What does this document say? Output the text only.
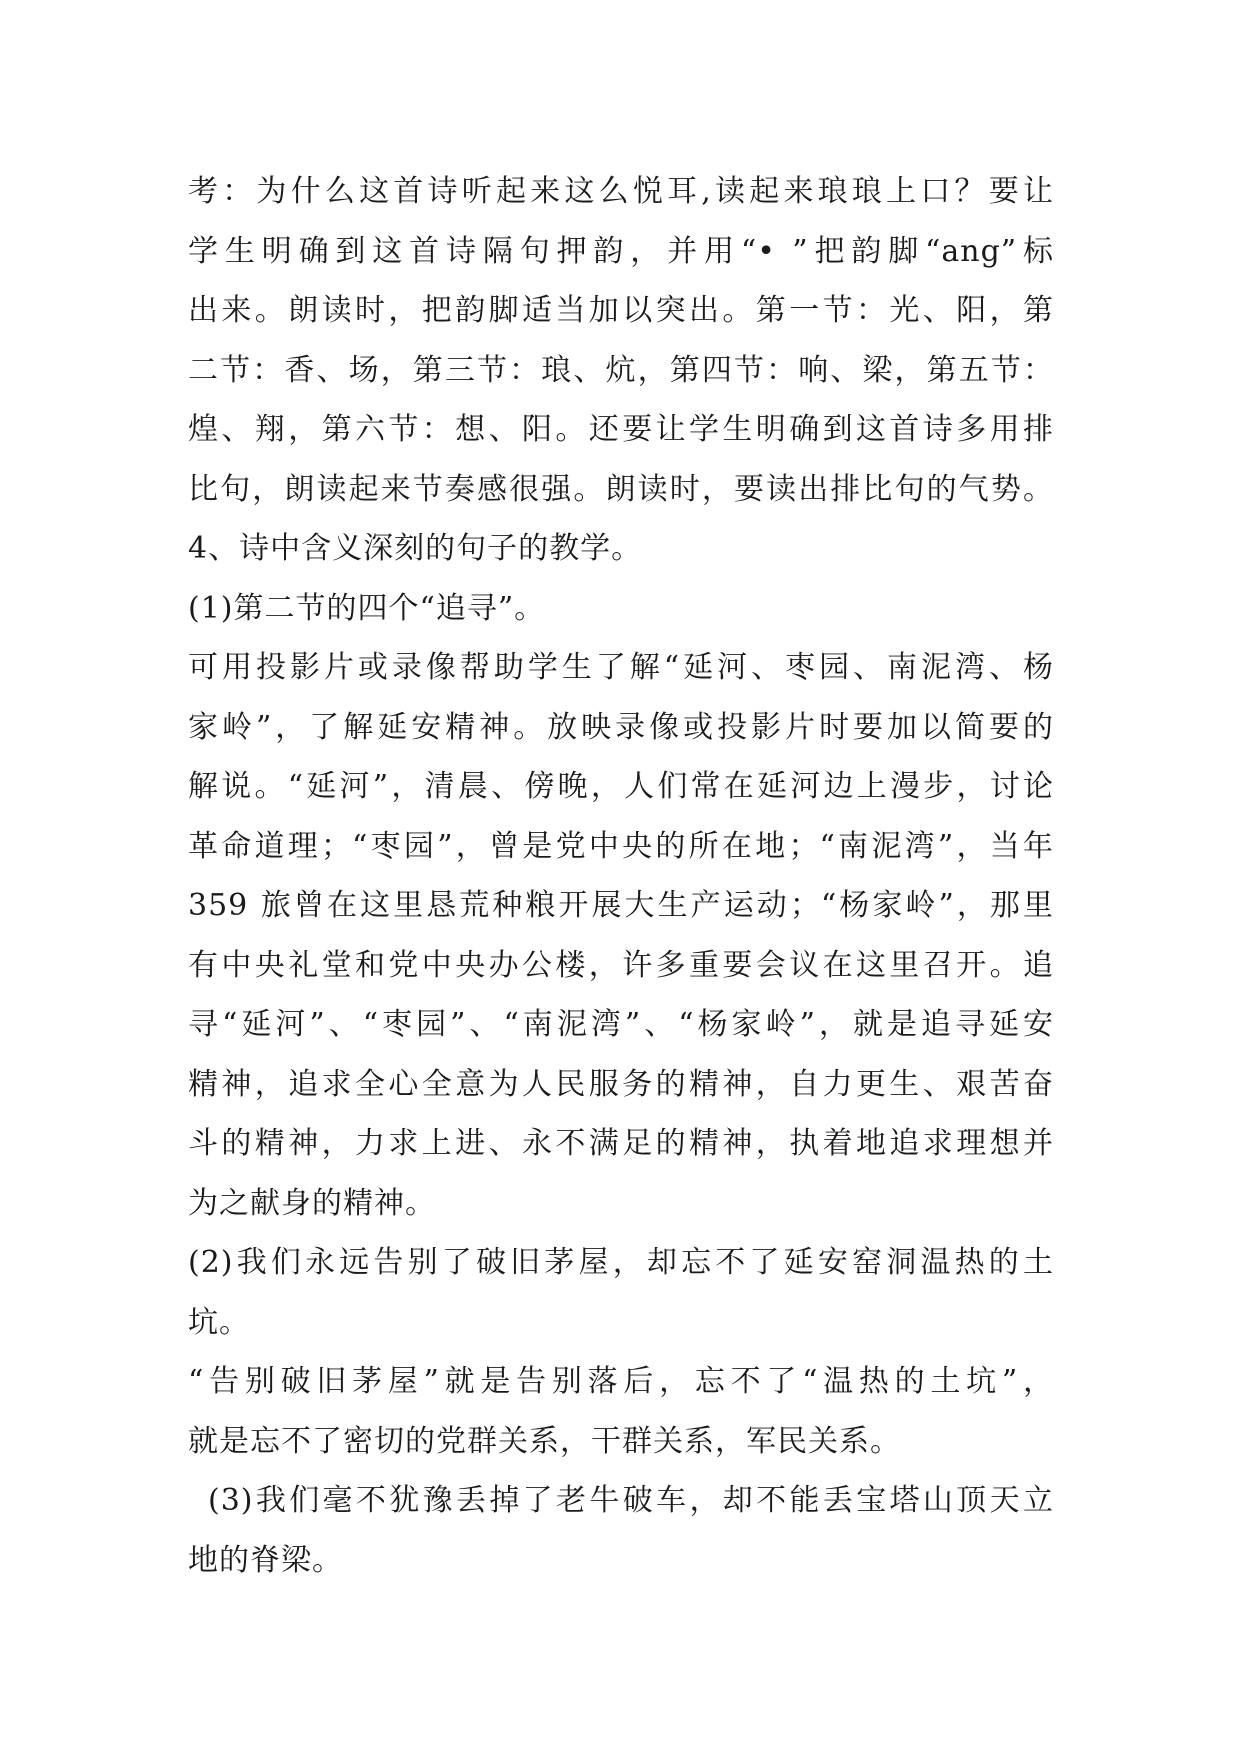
考：为什么这首诗听起来这么悦耳,读起来琅琅上口？要让
学生明确到这首诗隔句押韵，并用“• ”把韵脚“ang”标
出来。朗读时，把韵脚适当加以突出。第一节：光、阳，第
二节：香、场，第三节：琅、炕，第四节：响、梁，第五节：
煌、翔，第六节：想、阳。还要让学生明确到这首诗多用排
比句，朗读起来节奏感很强。朗读时，要读出排比句的气势。
4、诗中含义深刻的句子的教学。
(1)第二节的四个“追寻”。
可用投影片或录像帮助学生了解“延河、枣园、南泥湾、杨
家岭”，了解延安精神。放映录像或投影片时要加以简要的
解说。“延河”，清晨、傍晚，人们常在延河边上漫步，讨论
革命道理；“枣园”，曾是党中央的所在地；“南泥湾”，当年
359 旅曾在这里恳荒种粮开展大生产运动；“杨家岭”，那里
有中央礼堂和党中央办公楼，许多重要会议在这里召开。追
寻“延河”、“枣园”、“南泥湾”、“杨家岭”，就是追寻延安
精神，追求全心全意为人民服务的精神，自力更生、艰苦奋
斗的精神，力求上进、永不满足的精神，执着地追求理想并
为之献身的精神。
(2)我们永远告别了破旧茅屋，却忘不了延安窑洞温热的土
坑。
“告别破旧茅屋”就是告别落后，忘不了“温热的土坑”，
就是忘不了密切的党群关系，干群关系，军民关系。
(3)我们毫不犹豫丢掉了老牛破车，却不能丢宝塔山顶天立
地的脊梁。
